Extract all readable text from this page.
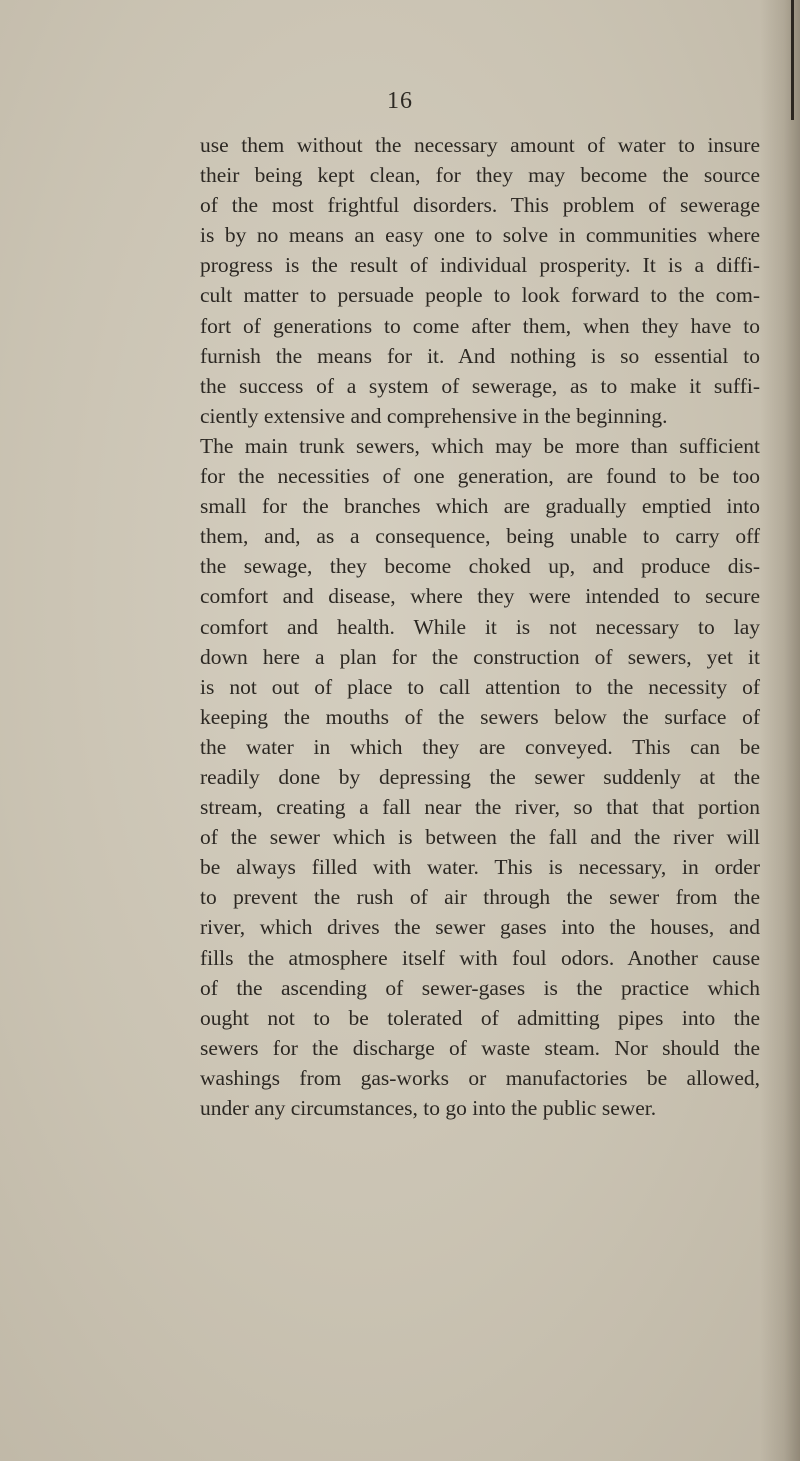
16
use them without the necessary amount of water to insure
their being kept clean, for they may become the source
of the most frightful disorders. This problem of sewerage
is by no means an easy one to solve in communities where
progress is the result of individual prosperity. It is a diffi-
cult matter to persuade people to look forward to the com-
fort of generations to come after them, when they have to
furnish the means for it. And nothing is so essential to
the success of a system of sewerage, as to make it suffi-
ciently extensive and comprehensive in the beginning.
The main trunk sewers, which may be more than sufficient
for the necessities of one generation, are found to be too
small for the branches which are gradually emptied into
them, and, as a consequence, being unable to carry off
the sewage, they become choked up, and produce dis-
comfort and disease, where they were intended to secure
comfort and health. While it is not necessary to lay
down here a plan for the construction of sewers, yet it
is not out of place to call attention to the necessity of
keeping the mouths of the sewers below the surface of
the water in which they are conveyed. This can be
readily done by depressing the sewer suddenly at the
stream, creating a fall near the river, so that that portion
of the sewer which is between the fall and the river will
be always filled with water. This is necessary, in order
to prevent the rush of air through the sewer from the
river, which drives the sewer gases into the houses, and
fills the atmosphere itself with foul odors. Another cause
of the ascending of sewer-gases is the practice which
ought not to be tolerated of admitting pipes into the
sewers for the discharge of waste steam. Nor should the
washings from gas-works or manufactories be allowed,
under any circumstances, to go into the public sewer.
